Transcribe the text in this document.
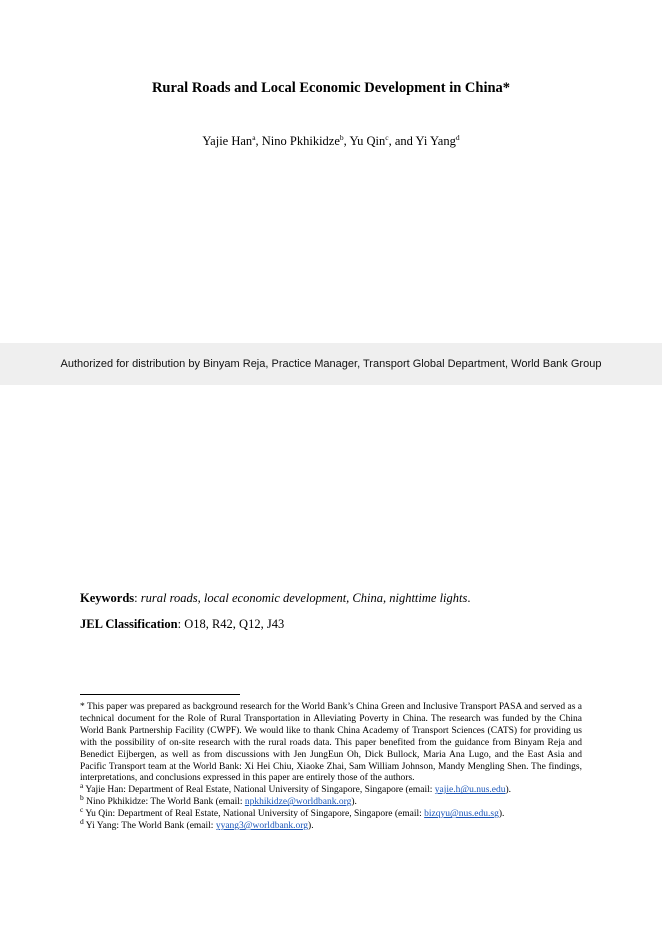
Rural Roads and Local Economic Development in China*
Yajie Han$^a$, Nino Pkhikidze$^b$, Yu Qin$^c$, and Yi Yang$^d$
Authorized for distribution by Binyam Reja, Practice Manager, Transport Global Department, World Bank Group
Keywords: rural roads, local economic development, China, nighttime lights.
JEL Classification: O18, R42, Q12, J43
* This paper was prepared as background research for the World Bank’s China Green and Inclusive Transport PASA and served as a technical document for the Role of Rural Transportation in Alleviating Poverty in China. The research was funded by the China World Bank Partnership Facility (CWPF). We would like to thank China Academy of Transport Sciences (CATS) for providing us with the possibility of on-site research with the rural roads data. This paper benefited from the guidance from Binyam Reja and Benedict Eijbergen, as well as from discussions with Jen JungEun Oh, Dick Bullock, Maria Ana Lugo, and the East Asia and Pacific Transport team at the World Bank: Xi Hei Chiu, Xiaoke Zhai, Sam William Johnson, Mandy Mengling Shen. The findings, interpretations, and conclusions expressed in this paper are entirely those of the authors.
$^a$ Yajie Han: Department of Real Estate, National University of Singapore, Singapore (email: yajie.h@u.nus.edu).
$^b$ Nino Pkhikidze: The World Bank (email: npkhikidze@worldbank.org).
$^c$ Yu Qin: Department of Real Estate, National University of Singapore, Singapore (email: bizqyu@nus.edu.sg).
$^d$ Yi Yang: The World Bank (email: yyang3@worldbank.org).
